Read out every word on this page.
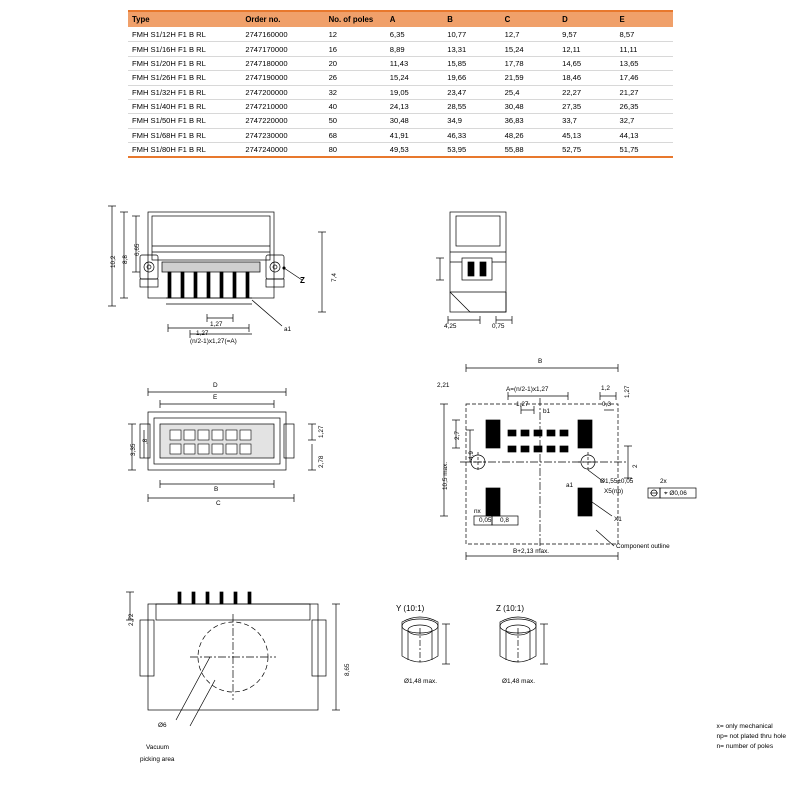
Type	Order no.	No. of poles	A	B	C	D	E
FMH S1/12H F1 B RL	2747160000	12	6,35	10,77	12,7	9,57	8,57
FMH S1/16H F1 B RL	2747170000	16	8,89	13,31	15,24	12,11	11,11
FMH S1/20H F1 B RL	2747180000	20	11,43	15,85	17,78	14,65	13,65
FMH S1/26H F1 B RL	2747190000	26	15,24	19,66	21,59	18,46	17,46
FMH S1/32H F1 B RL	2747200000	32	19,05	23,47	25,4	22,27	21,27
FMH S1/40H F1 B RL	2747210000	40	24,13	28,55	30,48	27,35	26,35
FMH S1/50H F1 B RL	2747220000	50	30,48	34,9	36,83	33,7	32,7
FMH S1/68H F1 B RL	2747230000	68	41,91	46,33	48,26	45,13	44,13
FMH S1/80H F1 B RL	2747240000	80	49,53	53,95	55,88	52,75	51,75
10,2 8,8
6,65
7,4
1,27
1,27
(n/2-1)x1,27(=A)
a1
Z
4,25	0,75
D
E
B
C
3,35
,8
1,27
2,78
B
2,21
A=(n/2-1)x1,27
1,27
1,2
0,3
1,27
2,7
4,9
10,5 max.	2
b1
a1
X1
Ø1,55±0,05
X5(np)
2x
⌖ Ø0,06
nx
0,05 0,8
B+2,13 max.
Component outline
2,72
8,65
Ø6
Vacuum
picking area
Y (10:1)
Ø1,48 max.
Z (10:1)
Ø1,48 max.
x= only mechanical
np= not plated thru hole
n= number of poles
